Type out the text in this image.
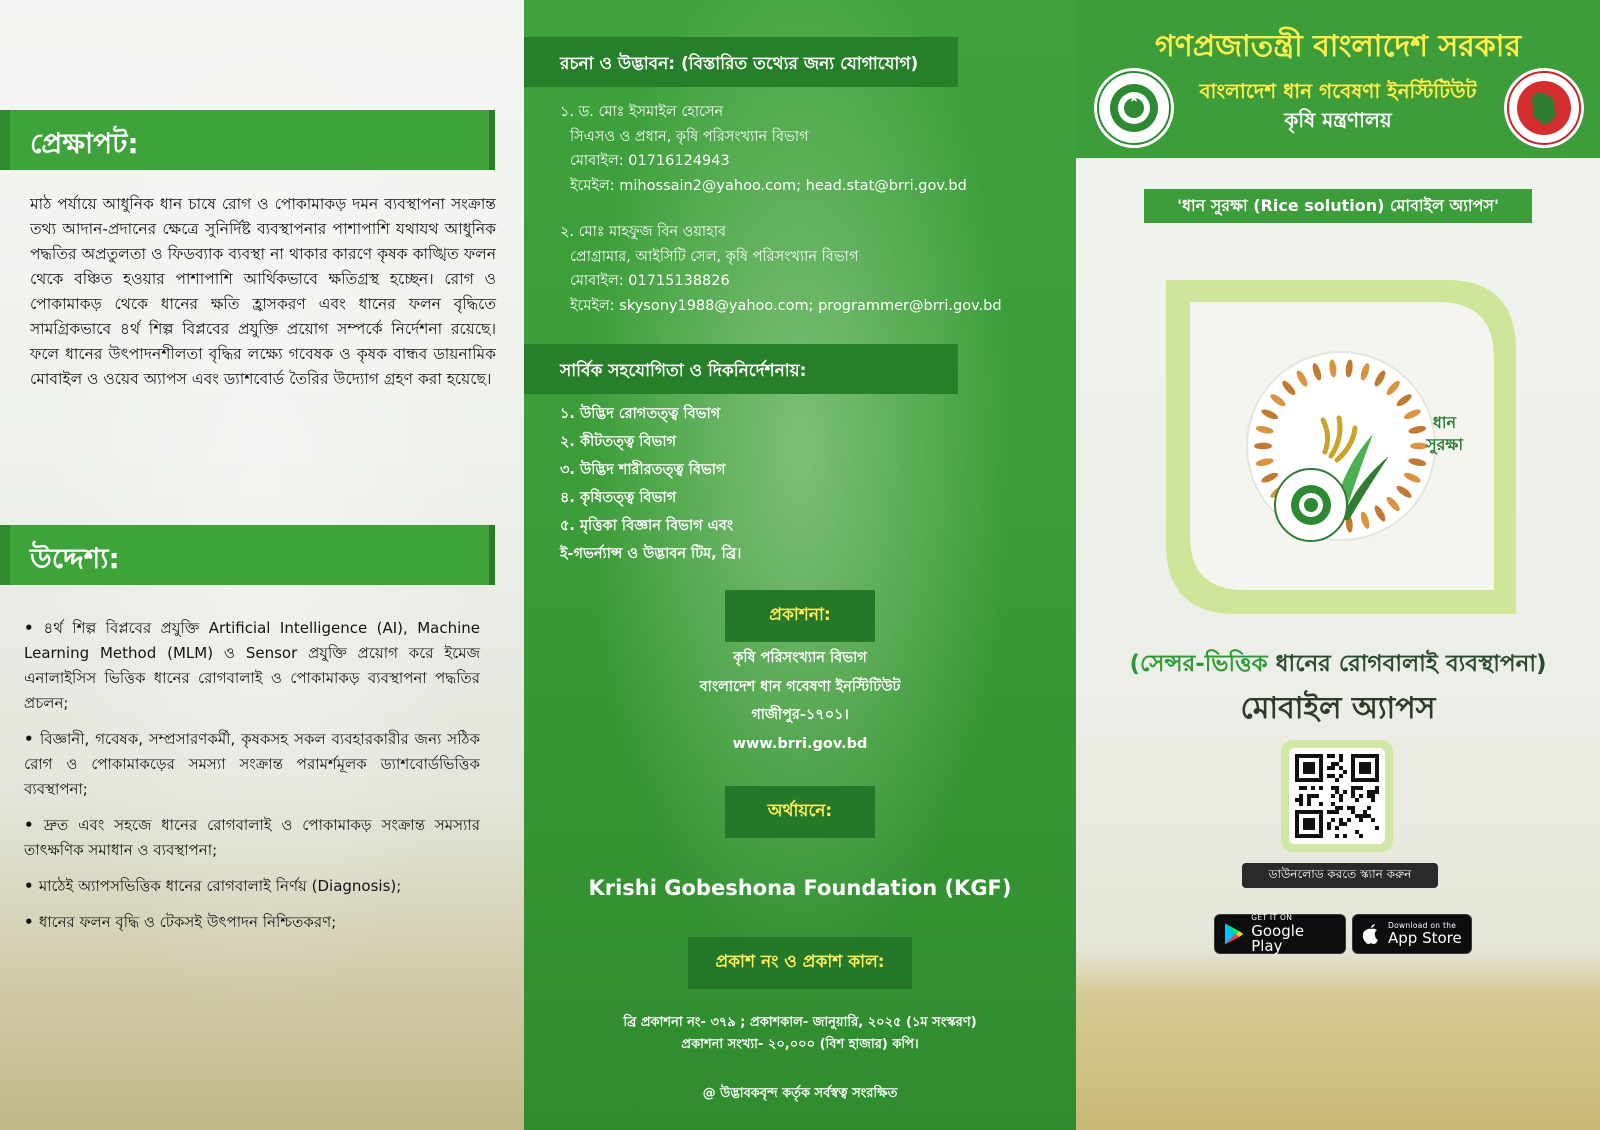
প্রেক্ষাপট:

মাঠ পর্যায়ে আধুনিক ধান চাষে রোগ ও পোকামাকড় দমন ব্যবস্থাপনা সংক্রান্ত তথ্য আদান-প্রদানের ক্ষেত্রে সুনির্দিষ্ট ব্যবস্থাপনার পাশাপাশি যথাযথ আধুনিক পদ্ধতির অপ্রতুলতা ও ফিডব্যাক ব্যবস্থা না থাকার কারণে কৃষক কাঙ্খিত ফলন থেকে বঞ্চিত হওয়ার পাশাপাশি আর্থিকভাবে ক্ষতিগ্রস্থ হচ্ছেন। রোগ ও পোকামাকড় থেকে ধানের ক্ষতি হ্রাসকরণ এবং ধানের ফলন বৃদ্ধিতে সামগ্রিকভাবে ৪র্থ শিল্প বিপ্লবের প্রযুক্তি প্রয়োগ সম্পর্কে নির্দেশনা রয়েছে। ফলে ধানের উৎপাদনশীলতা বৃদ্ধির লক্ষ্যে গবেষক ও কৃষক বান্ধব ডায়নামিক মোবাইল ও ওয়েব অ্যাপস এবং ড্যাশবোর্ড তৈরির উদ্যোগ গ্রহণ করা হয়েছে।

উদ্দেশ্য:
• ৪র্থ শিল্প বিপ্লবের প্রযুক্তি Artificial Intelligence (AI), Machine Learning Method (MLM) ও Sensor প্রযুক্তি প্রয়োগ করে ইমেজ এনালাইসিস ভিত্তিক ধানের রোগবালাই ও পোকামাকড় ব্যবস্থাপনা পদ্ধতির প্রচলন;
• বিজ্ঞানী, গবেষক, সম্প্রসারণকর্মী, কৃষকসহ সকল ব্যবহারকারীর জন্য সঠিক রোগ ও পোকামাকড়ের সমস্যা সংক্রান্ত পরামর্শমূলক ড্যাশবোর্ডভিত্তিক ব্যবস্থাপনা;
• দ্রুত এবং সহজে ধানের রোগবালাই ও পোকামাকড় সংক্রান্ত সমস্যার তাৎক্ষণিক সমাধান ও ব্যবস্থাপনা;
• মাঠেই অ্যাপসভিত্তিক ধানের রোগবালাই নির্ণয় (Diagnosis);
• ধানের ফলন বৃদ্ধি ও টেকসই উৎপাদন নিশ্চিতকরণ;
রচনা ও উদ্ভাবন: (বিস্তারিত তথ্যের জন্য যোগাযোগ)
১. ড. মোঃ ইসমাইল হোসেন
সিএসও ও প্রধান, কৃষি পরিসংখ্যান বিভাগ
মোবাইল: 01716124943
ইমেইল: mihossain2@yahoo.com; head.stat@brri.gov.bd
২. মোঃ মাহফুজ বিন ওয়াহাব
প্রোগ্রামার, আইসিটি সেল, কৃষি পরিসংখ্যান বিভাগ
মোবাইল: 01715138826
ইমেইল: skysony1988@yahoo.com; programmer@brri.gov.bd
সার্বিক সহযোগিতা ও দিকনির্দেশনায়:
১. উদ্ভিদ রোগতত্ত্ব বিভাগ
২. কীটতত্ত্ব বিভাগ
৩. উদ্ভিদ শারীরতত্ত্ব বিভাগ
৪. কৃষিতত্ত্ব বিভাগ
৫. মৃত্তিকা বিজ্ঞান বিভাগ এবং
ই-গভর্ন্যান্স ও উদ্ভাবন টিম, ব্রি।
প্রকাশনা:
কৃষি পরিসংখ্যান বিভাগ
বাংলাদেশ ধান গবেষণা ইনস্টিটিউট
গাজীপুর-১৭০১।
www.brri.gov.bd
অর্থায়নে:
Krishi Gobeshona Foundation (KGF)
প্রকাশ নং ও প্রকাশ কাল:
ব্রি প্রকাশনা নং- ৩৭৯ ; প্রকাশকাল- জানুয়ারি, ২০২৫ (১ম সংস্করণ)
প্রকাশনা সংখ্যা- ২০,০০০ (বিশ হাজার) কপি।
@ উদ্ভাবকবৃন্দ কর্তৃক সর্বস্বত্ব সংরক্ষিত
গণপ্রজাতন্ত্রী বাংলাদেশ সরকার
বাংলাদেশ ধান গবেষণা ইনস্টিটিউট
কৃষি মন্ত্রণালয়
'ধান সুরক্ষা (Rice solution) মোবাইল অ্যাপস'
ধান
সুরক্ষা
(সেন্সর-ভিত্তিক ধানের রোগবালাই ব্যবস্থাপনা)
মোবাইল অ্যাপস
ডাউনলোড করতে স্ক্যান করুন
GET IT ON
Google Play
Download on the
App Store
